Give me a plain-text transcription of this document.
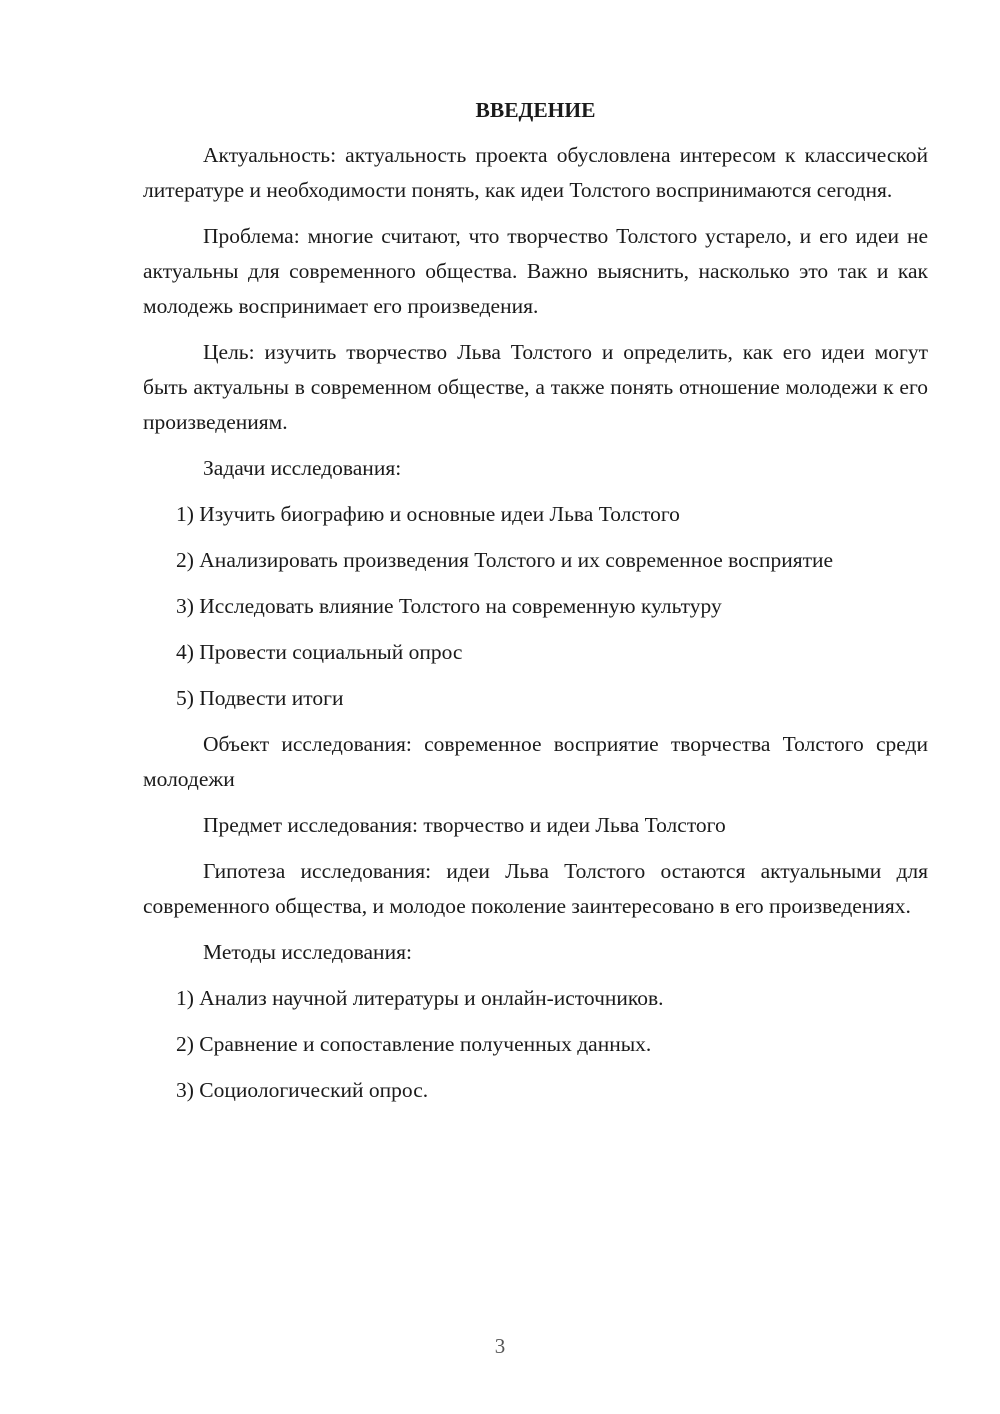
ВВЕДЕНИЕ

Актуальность: актуальность проекта обусловлена интересом к классической литературе и необходимости понять, как идеи Толстого воспринимаются сегодня.

Проблема: многие считают, что творчество Толстого устарело, и его идеи не актуальны для современного общества. Важно выяснить, насколько это так и как молодежь воспринимает его произведения.

Цель: изучить творчество Льва Толстого и определить, как его идеи могут быть актуальны в современном обществе, а также понять отношение молодежи к его произведениям.

Задачи исследования:

1) Изучить биографию и основные идеи Льва Толстого

2) Анализировать произведения Толстого и их современное восприятие

3) Исследовать влияние Толстого на современную культуру

4) Провести социальный опрос

5) Подвести итоги

Объект исследования: современное восприятие творчества Толстого среди молодежи

Предмет исследования: творчество и идеи Льва Толстого

Гипотеза исследования: идеи Льва Толстого остаются актуальными для современного общества, и молодое поколение заинтересовано в его произведениях.

Методы исследования:

1) Анализ научной литературы и онлайн-источников.

2) Сравнение и сопоставление полученных данных.

3) Социологический опрос.

3
